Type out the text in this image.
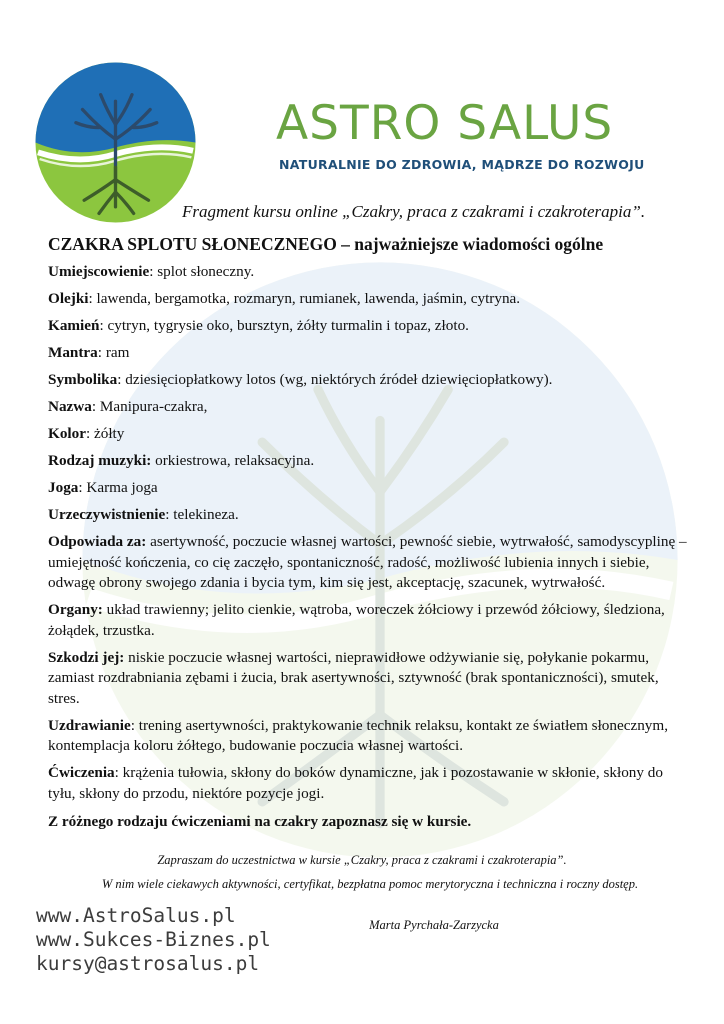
ASTRO SALUS
NATURALNIE DO ZDROWIA, MĄDRZE DO ROZWOJU
Fragment kursu online „Czakry, praca z czakrami i czakroterapia”.
CZAKRA SPLOTU SŁONECZNEGO – najważniejsze wiadomości ogólne
Umiejscowienie: splot słoneczny.
Olejki: lawenda, bergamotka, rozmaryn, rumianek, lawenda, jaśmin, cytryna.
Kamień: cytryn, tygrysie oko, bursztyn, żółty turmalin i topaz, złoto.
Mantra: ram
Symbolika: dziesięciopłatkowy lotos (wg, niektórych źródeł dziewięciopłatkowy).
Nazwa: Manipura-czakra,
Kolor: żółty
Rodzaj muzyki: orkiestrowa, relaksacyjna.
Joga: Karma joga
Urzeczywistnienie: telekineza.
Odpowiada za: asertywność, poczucie własnej wartości, pewność siebie, wytrwałość, samodyscyplinę – umiejętność kończenia, co cię zaczęło, spontaniczność, radość, możliwość lubienia innych i siebie, odwagę obrony swojego zdania i bycia tym, kim się jest, akceptację, szacunek, wytrwałość.
Organy: układ trawienny; jelito cienkie, wątroba, woreczek żółciowy i przewód żółciowy, śledziona, żołądek, trzustka.
Szkodzi jej: niskie poczucie własnej wartości, nieprawidłowe odżywianie się, połykanie pokarmu, zamiast rozdrabniania zębami i żucia, brak asertywności, sztywność (brak spontaniczności), smutek, stres.
Uzdrawianie: trening asertywności, praktykowanie technik relaksu, kontakt ze światłem słonecznym, kontemplacja koloru żółtego, budowanie poczucia własnej wartości.
Ćwiczenia: krążenia tułowia, skłony do boków dynamiczne, jak i pozostawanie w skłonie, skłony do tyłu, skłony do przodu, niektóre pozycje jogi.
Z różnego rodzaju ćwiczeniami na czakry zapoznasz się w kursie.
Zapraszam do uczestnictwa w kursie „Czakry, praca z czakrami i czakroterapia”.
W nim wiele ciekawych aktywności, certyfikat, bezpłatna pomoc merytoryczna i techniczna i roczny dostęp.
Marta Pyrchała-Zarzycka
www.AstroSalus.pl
www.Sukces-Biznes.pl
kursy@astrosalus.pl
